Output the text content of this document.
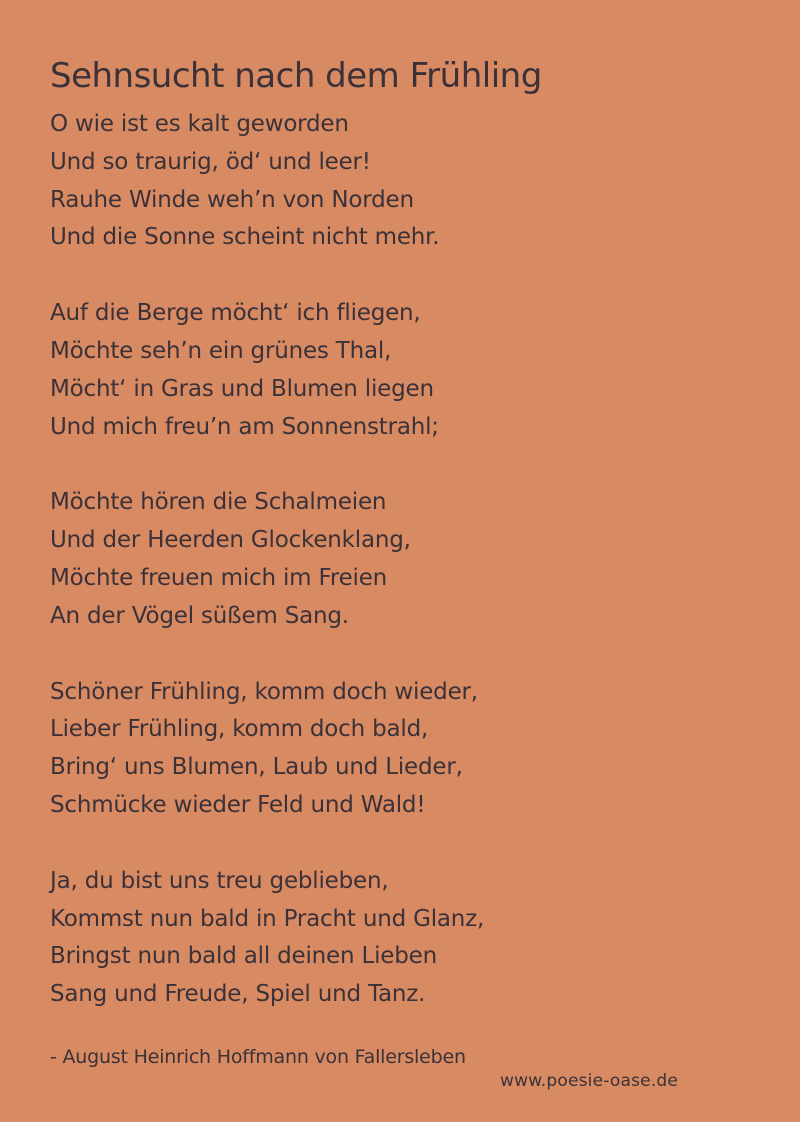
Sehnsucht nach dem Frühling
O wie ist es kalt geworden
Und so traurig, öd‘ und leer!
Rauhe Winde weh’n von Norden
Und die Sonne scheint nicht mehr.
Auf die Berge möcht‘ ich fliegen,
Möchte seh’n ein grünes Thal,
Möcht‘ in Gras und Blumen liegen
Und mich freu’n am Sonnenstrahl;
Möchte hören die Schalmeien
Und der Heerden Glockenklang,
Möchte freuen mich im Freien
An der Vögel süßem Sang.
Schöner Frühling, komm doch wieder,
Lieber Frühling, komm doch bald,
Bring‘ uns Blumen, Laub und Lieder,
Schmücke wieder Feld und Wald!
Ja, du bist uns treu geblieben,
Kommst nun bald in Pracht und Glanz,
Bringst nun bald all deinen Lieben
Sang und Freude, Spiel und Tanz.
- August Heinrich Hoffmann von Fallersleben
www.poesie-oase.de
